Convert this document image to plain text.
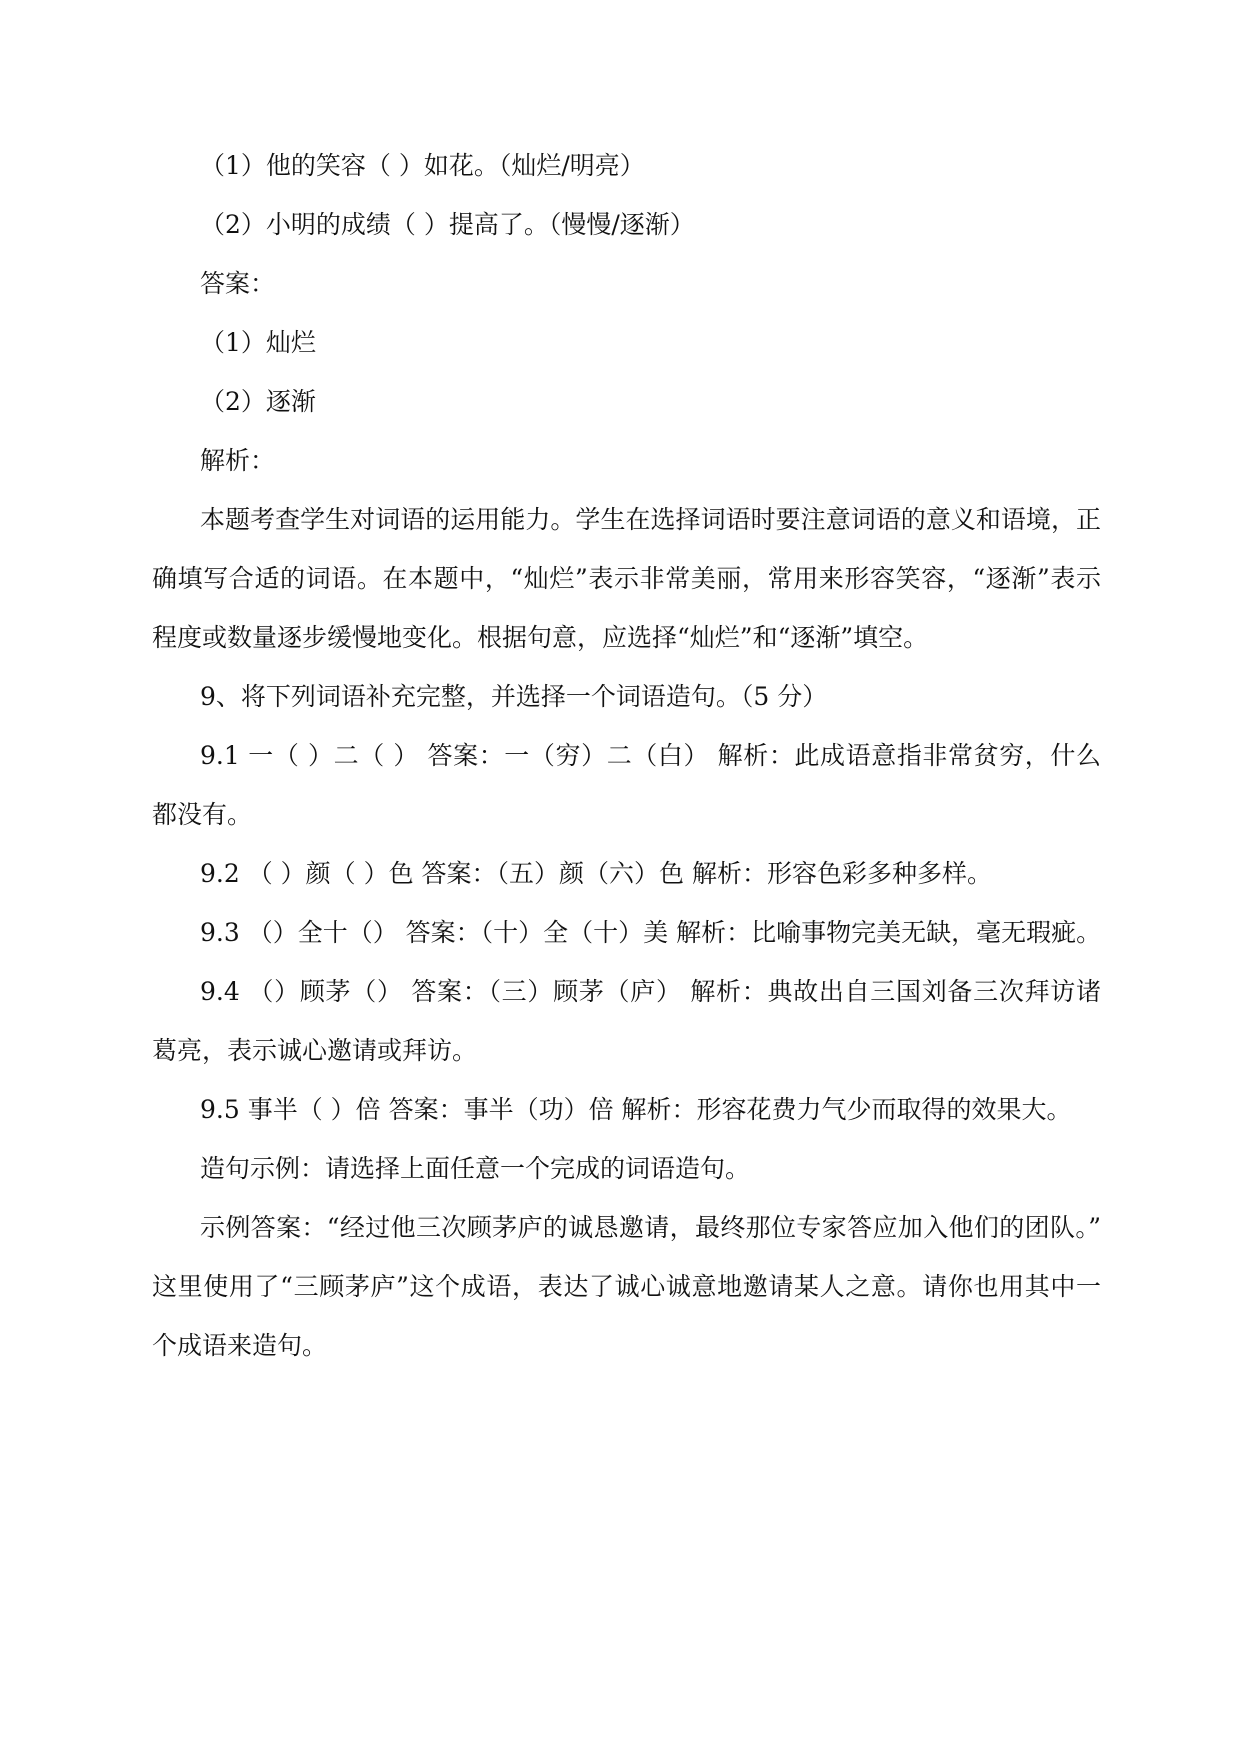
（1）他的笑容（ ）如花。（灿烂/明亮）
（2）小明的成绩（ ）提高了。（慢慢/逐渐）
答案：
（1）灿烂
（2）逐渐
解析：
本题考查学生对词语的运用能力。学生在选择词语时要注意词语的意义和语境，正
确填写合适的词语。在本题中，“灿烂”表示非常美丽，常用来形容笑容，“逐渐”表示
程度或数量逐步缓慢地变化。根据句意，应选择“灿烂”和“逐渐”填空。
9、将下列词语补充完整，并选择一个词语造句。（5 分）
9.1 一（ ）二（ ） 答案：一（穷）二（白） 解析：此成语意指非常贫穷，什么
都没有。
9.2 （ ）颜（ ）色 答案：（五）颜（六）色 解析：形容色彩多种多样。
9.3 （）全十（） 答案：（十）全（十）美 解析：比喻事物完美无缺，毫无瑕疵。
9.4 （）顾茅（） 答案：（三）顾茅（庐） 解析：典故出自三国刘备三次拜访诸
葛亮，表示诚心邀请或拜访。
9.5 事半（ ）倍 答案：事半（功）倍 解析：形容花费力气少而取得的效果大。
造句示例：请选择上面任意一个完成的词语造句。
示例答案：“经过他三次顾茅庐的诚恳邀请，最终那位专家答应加入他们的团队。”
这里使用了“三顾茅庐”这个成语，表达了诚心诚意地邀请某人之意。请你也用其中一
个成语来造句。
